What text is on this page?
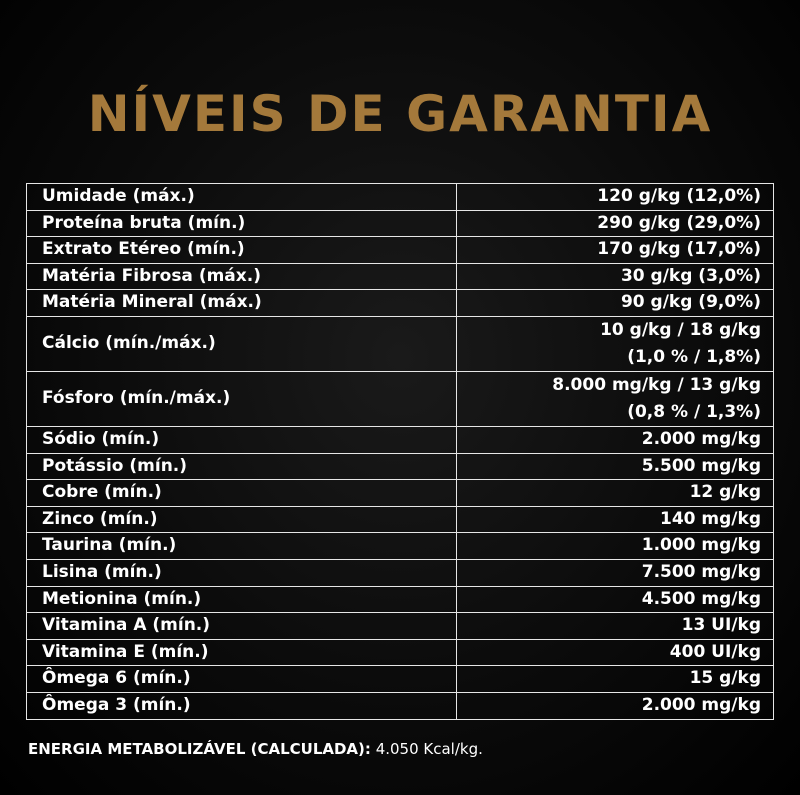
NÍVEIS DE GARANTIA
Umidade (máx.)	120 g/kg (12,0%)

Proteína bruta (mín.)	290 g/kg (29,0%)

Extrato Etéreo (mín.)	170 g/kg (17,0%)

Matéria Fibrosa (máx.)	30 g/kg (3,0%)

Matéria Mineral (máx.)	90 g/kg (9,0%)

Cálcio (mín./máx.)	10 g/kg / 18 g/kg
(1,0 % / 1,8%)

Fósforo (mín./máx.)	8.000 mg/kg / 13 g/kg
(0,8 % / 1,3%)

Sódio (mín.)	2.000 mg/kg

Potássio (mín.)	5.500 mg/kg

Cobre (mín.)	12 g/kg

Zinco (mín.)	140 mg/kg

Taurina (mín.)	1.000 mg/kg

Lisina (mín.)	7.500 mg/kg

Metionina (mín.)	4.500 mg/kg

Vitamina A (mín.)	13 UI/kg

Vitamina E (mín.)	400 UI/kg

Ômega 6 (mín.)	15 g/kg

Ômega 3 (mín.)	2.000 mg/kg
ENERGIA METABOLIZÁVEL (CALCULADA): 4.050 Kcal/kg.
